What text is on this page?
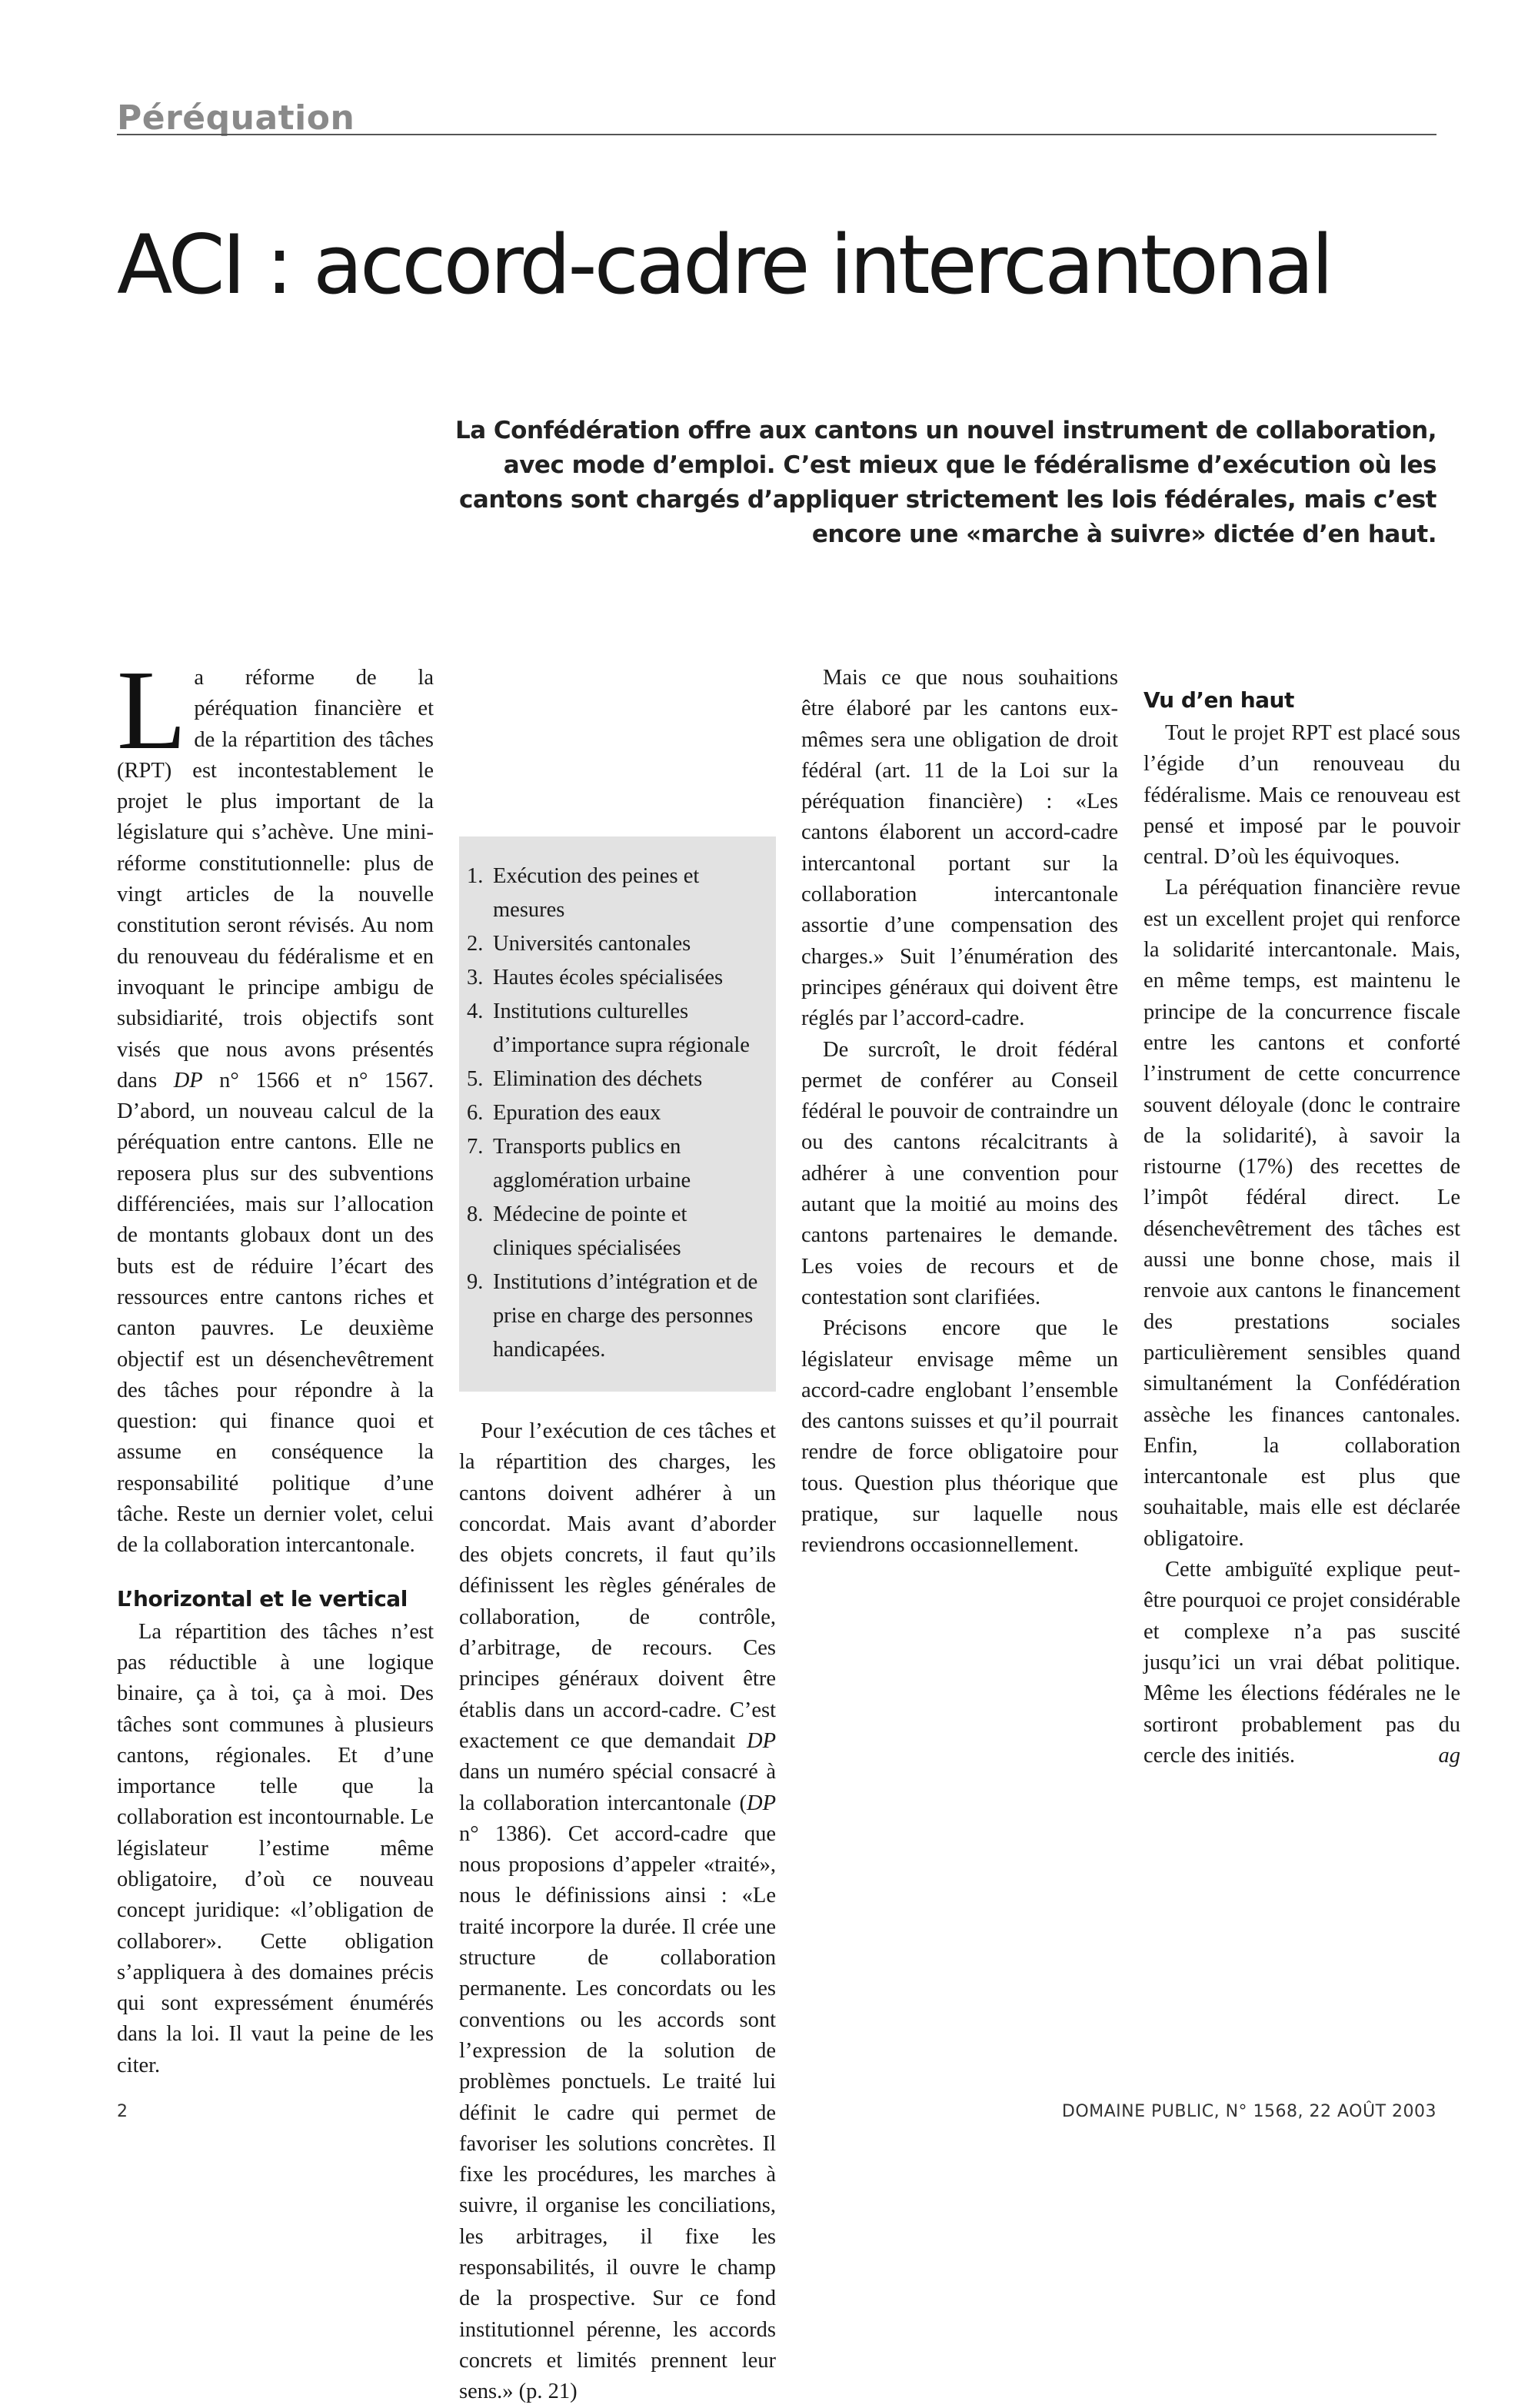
Péréquation
ACI : accord-cadre intercantonal
La Confédération offre aux cantons un nouvel instrument de collaboration, avec mode d’emploi. C’est mieux que le fédéralisme d’exécution où les cantons sont chargés d’appliquer strictement les lois fédérales, mais c’est encore une «marche à suivre» dictée d’en haut.

La réforme de la péréquation financière et de la répartition des tâches (RPT) est incontestablement le projet le plus important de la législature qui s’achève. Une mini-réforme constitutionnelle: plus de vingt articles de la nouvelle constitution seront révisés. Au nom du renouveau du fédéralisme et en invoquant le principe ambigu de subsidiarité, trois objectifs sont visés que nous avons présentés dans DP n° 1566 et n° 1567. D’abord, un nouveau calcul de la péréquation entre cantons. Elle ne reposera plus sur des subventions différenciées, mais sur l’allocation de montants globaux dont un des buts est de réduire l’écart des ressources entre cantons riches et canton pauvres. Le deuxième objectif est un désenchevêtrement des tâches pour répondre à la question: qui finance quoi et assume en conséquence la responsabilité politique d’une tâche. Reste un dernier volet, celui de la collaboration intercantonale.

L’horizontal et le vertical

La répartition des tâches n’est pas réductible à une logique binaire, ça à toi, ça à moi. Des tâches sont communes à plusieurs cantons, régionales. Et d’une importance telle que la collaboration est incontournable. Le législateur l’estime même obligatoire, d’où ce nouveau concept juridique: «l’obligation de collaborer». Cette obligation s’appliquera à des domaines précis qui sont expressément énumérés dans la loi. Il vaut la peine de les citer.

1. Exécution des peines et mesures
2. Universités cantonales
3. Hautes écoles spécialisées
4. Institutions culturelles d’importance supra régionale
5. Elimination des déchets
6. Epuration des eaux
7. Transports publics en agglomération urbaine
8. Médecine de pointe et cliniques spécialisées
9. Institutions d’intégration et de prise en charge des personnes handicapées.

Pour l’exécution de ces tâches et la répartition des charges, les cantons doivent adhérer à un concordat. Mais avant d’aborder des objets concrets, il faut qu’ils définissent les règles générales de collaboration, de contrôle, d’arbitrage, de recours. Ces principes généraux doivent être établis dans un accord-cadre. C’est exactement ce que demandait DP dans un numéro spécial consacré à la collaboration intercantonale (DP n° 1386). Cet accord-cadre que nous proposions d’appeler «traité», nous le définissions ainsi : «Le traité incorpore la durée. Il crée une structure de collaboration permanente. Les concordats ou les conventions ou les accords sont l’expression de la solution de problèmes ponctuels. Le traité lui définit le cadre qui permet de favoriser les solutions concrètes. Il fixe les procédures, les marches à suivre, il organise les conciliations, les arbitrages, il fixe les responsabilités, il ouvre le champ de la prospective. Sur ce fond institutionnel pérenne, les accords concrets et limités prennent leur sens.» (p. 21)

Mais ce que nous souhaitions être élaboré par les cantons eux-mêmes sera une obligation de droit fédéral (art. 11 de la Loi sur la péréquation financière) : «Les cantons élaborent un accord-cadre intercantonal portant sur la collaboration intercantonale assortie d’une compensation des charges.» Suit l’énumération des principes généraux qui doivent être réglés par l’accord-cadre.

De surcroît, le droit fédéral permet de conférer au Conseil fédéral le pouvoir de contraindre un ou des cantons récalcitrants à adhérer à une convention pour autant que la moitié au moins des cantons partenaires le demande. Les voies de recours et de contestation sont clarifiées.

Précisons encore que le législateur envisage même un accord-cadre englobant l’ensemble des cantons suisses et qu’il pourrait rendre de force obligatoire pour tous. Question plus théorique que pratique, sur laquelle nous reviendrons occasionnellement.

Vu d’en haut

Tout le projet RPT est placé sous l’égide d’un renouveau du fédéralisme. Mais ce renouveau est pensé et imposé par le pouvoir central. D’où les équivoques.

La péréquation financière revue est un excellent projet qui renforce la solidarité intercantonale. Mais, en même temps, est maintenu le principe de la concurrence fiscale entre les cantons et conforté l’instrument de cette concurrence souvent déloyale (donc le contraire de la solidarité), à savoir la ristourne (17%) des recettes de l’impôt fédéral direct. Le désenchevêtrement des tâches est aussi une bonne chose, mais il renvoie aux cantons le financement des prestations sociales particulièrement sensibles quand simultanément la Confédération assèche les finances cantonales. Enfin, la collaboration intercantonale est plus que souhaitable, mais elle est déclarée obligatoire.

Cette ambiguïté explique peut-être pourquoi ce projet considérable et complexe n’a pas suscité jusqu’ici un vrai débat politique. Même les élections fédérales ne le sortiront probablement pas du cercle des initiés.	ag

2	DOMAINE PUBLIC, N° 1568, 22 AOÛT 2003
